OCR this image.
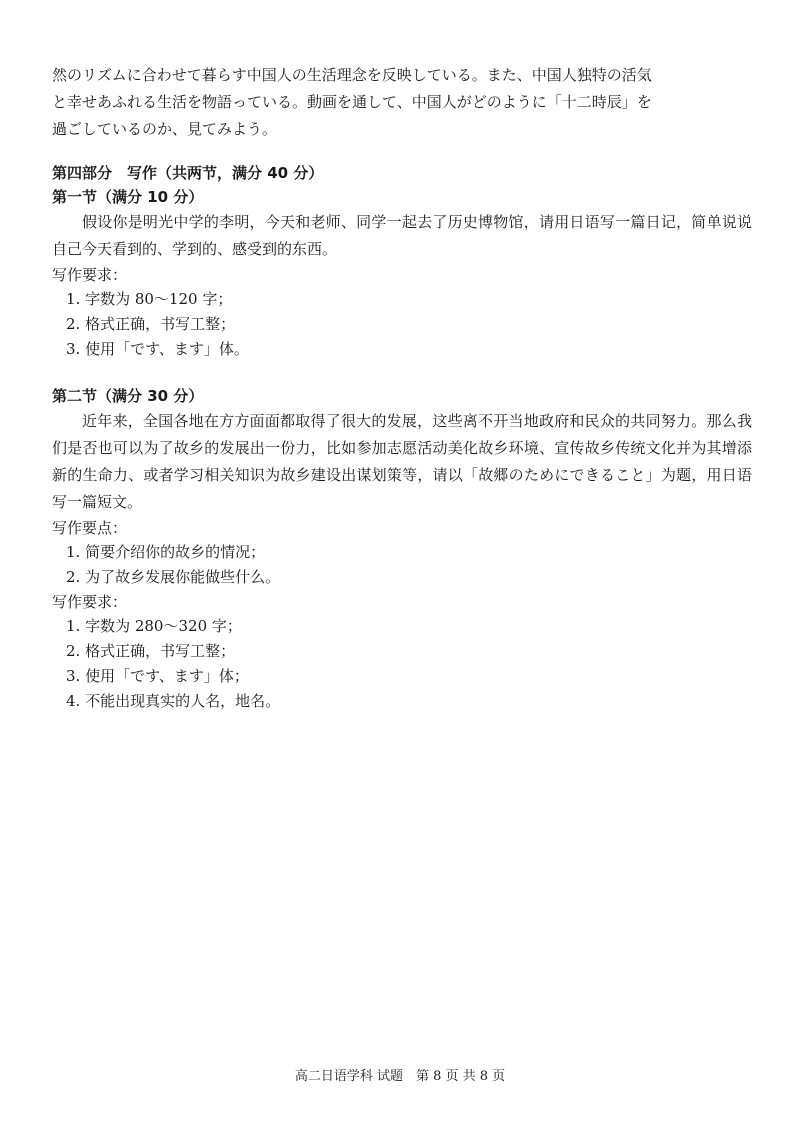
然のリズムに合わせて暮らす中国人の生活理念を反映している。また、中国人独特の活気

と幸せあふれる生活を物語っている。動画を通して、中国人がどのように「十二時辰」を

過ごしているのか、見てみよう。

第四部分　写作（共两节，满分 40 分）
第一节（满分 10 分）

假设你是明光中学的李明，今天和老师、同学一起去了历史博物馆，请用日语写一篇日记，简单说说自己今天看到的、学到的、感受到的东西。

写作要求：

1. 字数为 80～120 字；
2. 格式正确，书写工整；
3. 使用「です、ます」体。
第二节（满分 30 分）

近年来，全国各地在方方面面都取得了很大的发展，这些离不开当地政府和民众的共同努力。那么我们是否也可以为了故乡的发展出一份力，比如参加志愿活动美化故乡环境、宣传故乡传统文化并为其增添新的生命力、或者学习相关知识为故乡建设出谋划策等，请以「故郷のためにできること」为题，用日语写一篇短文。

写作要点：

1. 简要介绍你的故乡的情况；
2. 为了故乡发展你能做些什么。

写作要求：

1. 字数为 280～320 字；
2. 格式正确，书写工整；
3. 使用「です、ます」体；
4. 不能出现真实的人名，地名。
高二日语学科 试题　第 8 页 共 8 页
